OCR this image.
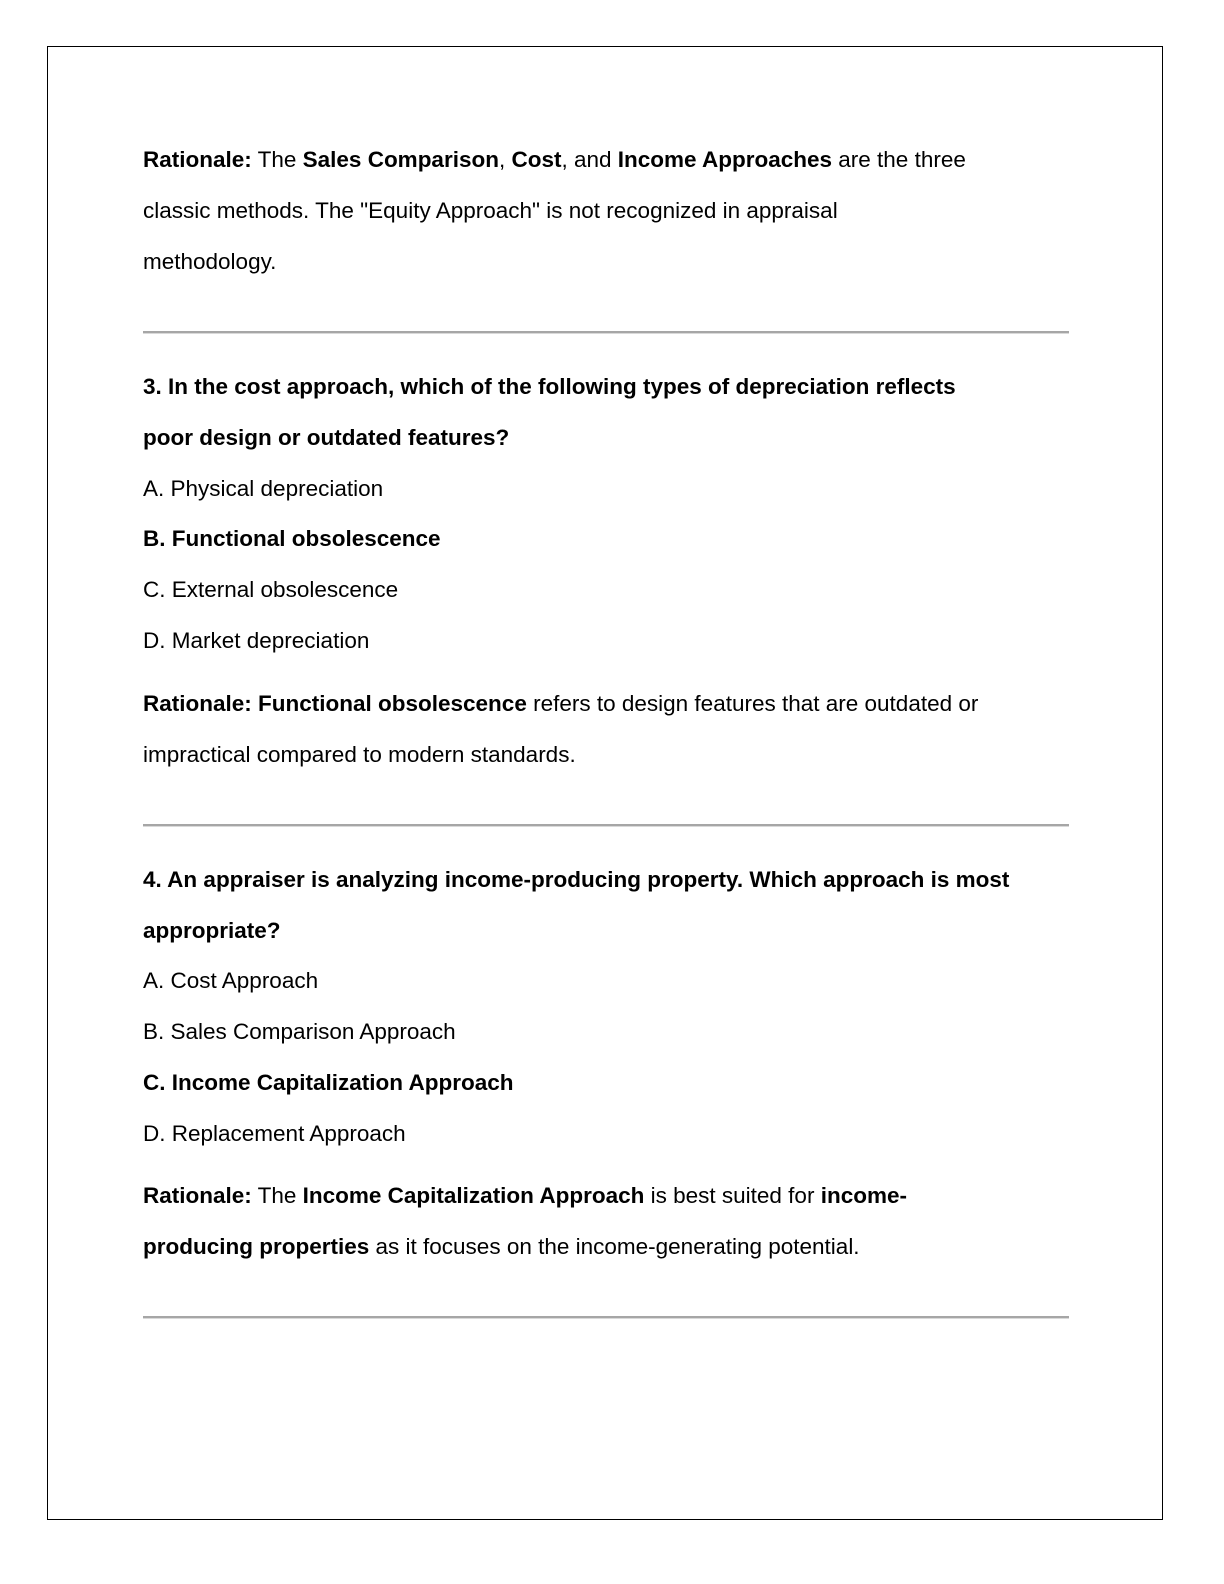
Rationale: The Sales Comparison, Cost, and Income Approaches are the three
classic methods. The "Equity Approach" is not recognized in appraisal
methodology.
3. In the cost approach, which of the following types of depreciation reflects
poor design or outdated features?
A. Physical depreciation
B. Functional obsolescence
C. External obsolescence
D. Market depreciation
Rationale: Functional obsolescence refers to design features that are outdated or
impractical compared to modern standards.
4. An appraiser is analyzing income-producing property. Which approach is most
appropriate?
A. Cost Approach
B. Sales Comparison Approach
C. Income Capitalization Approach
D. Replacement Approach
Rationale: The Income Capitalization Approach is best suited for income-
producing properties as it focuses on the income-generating potential.
